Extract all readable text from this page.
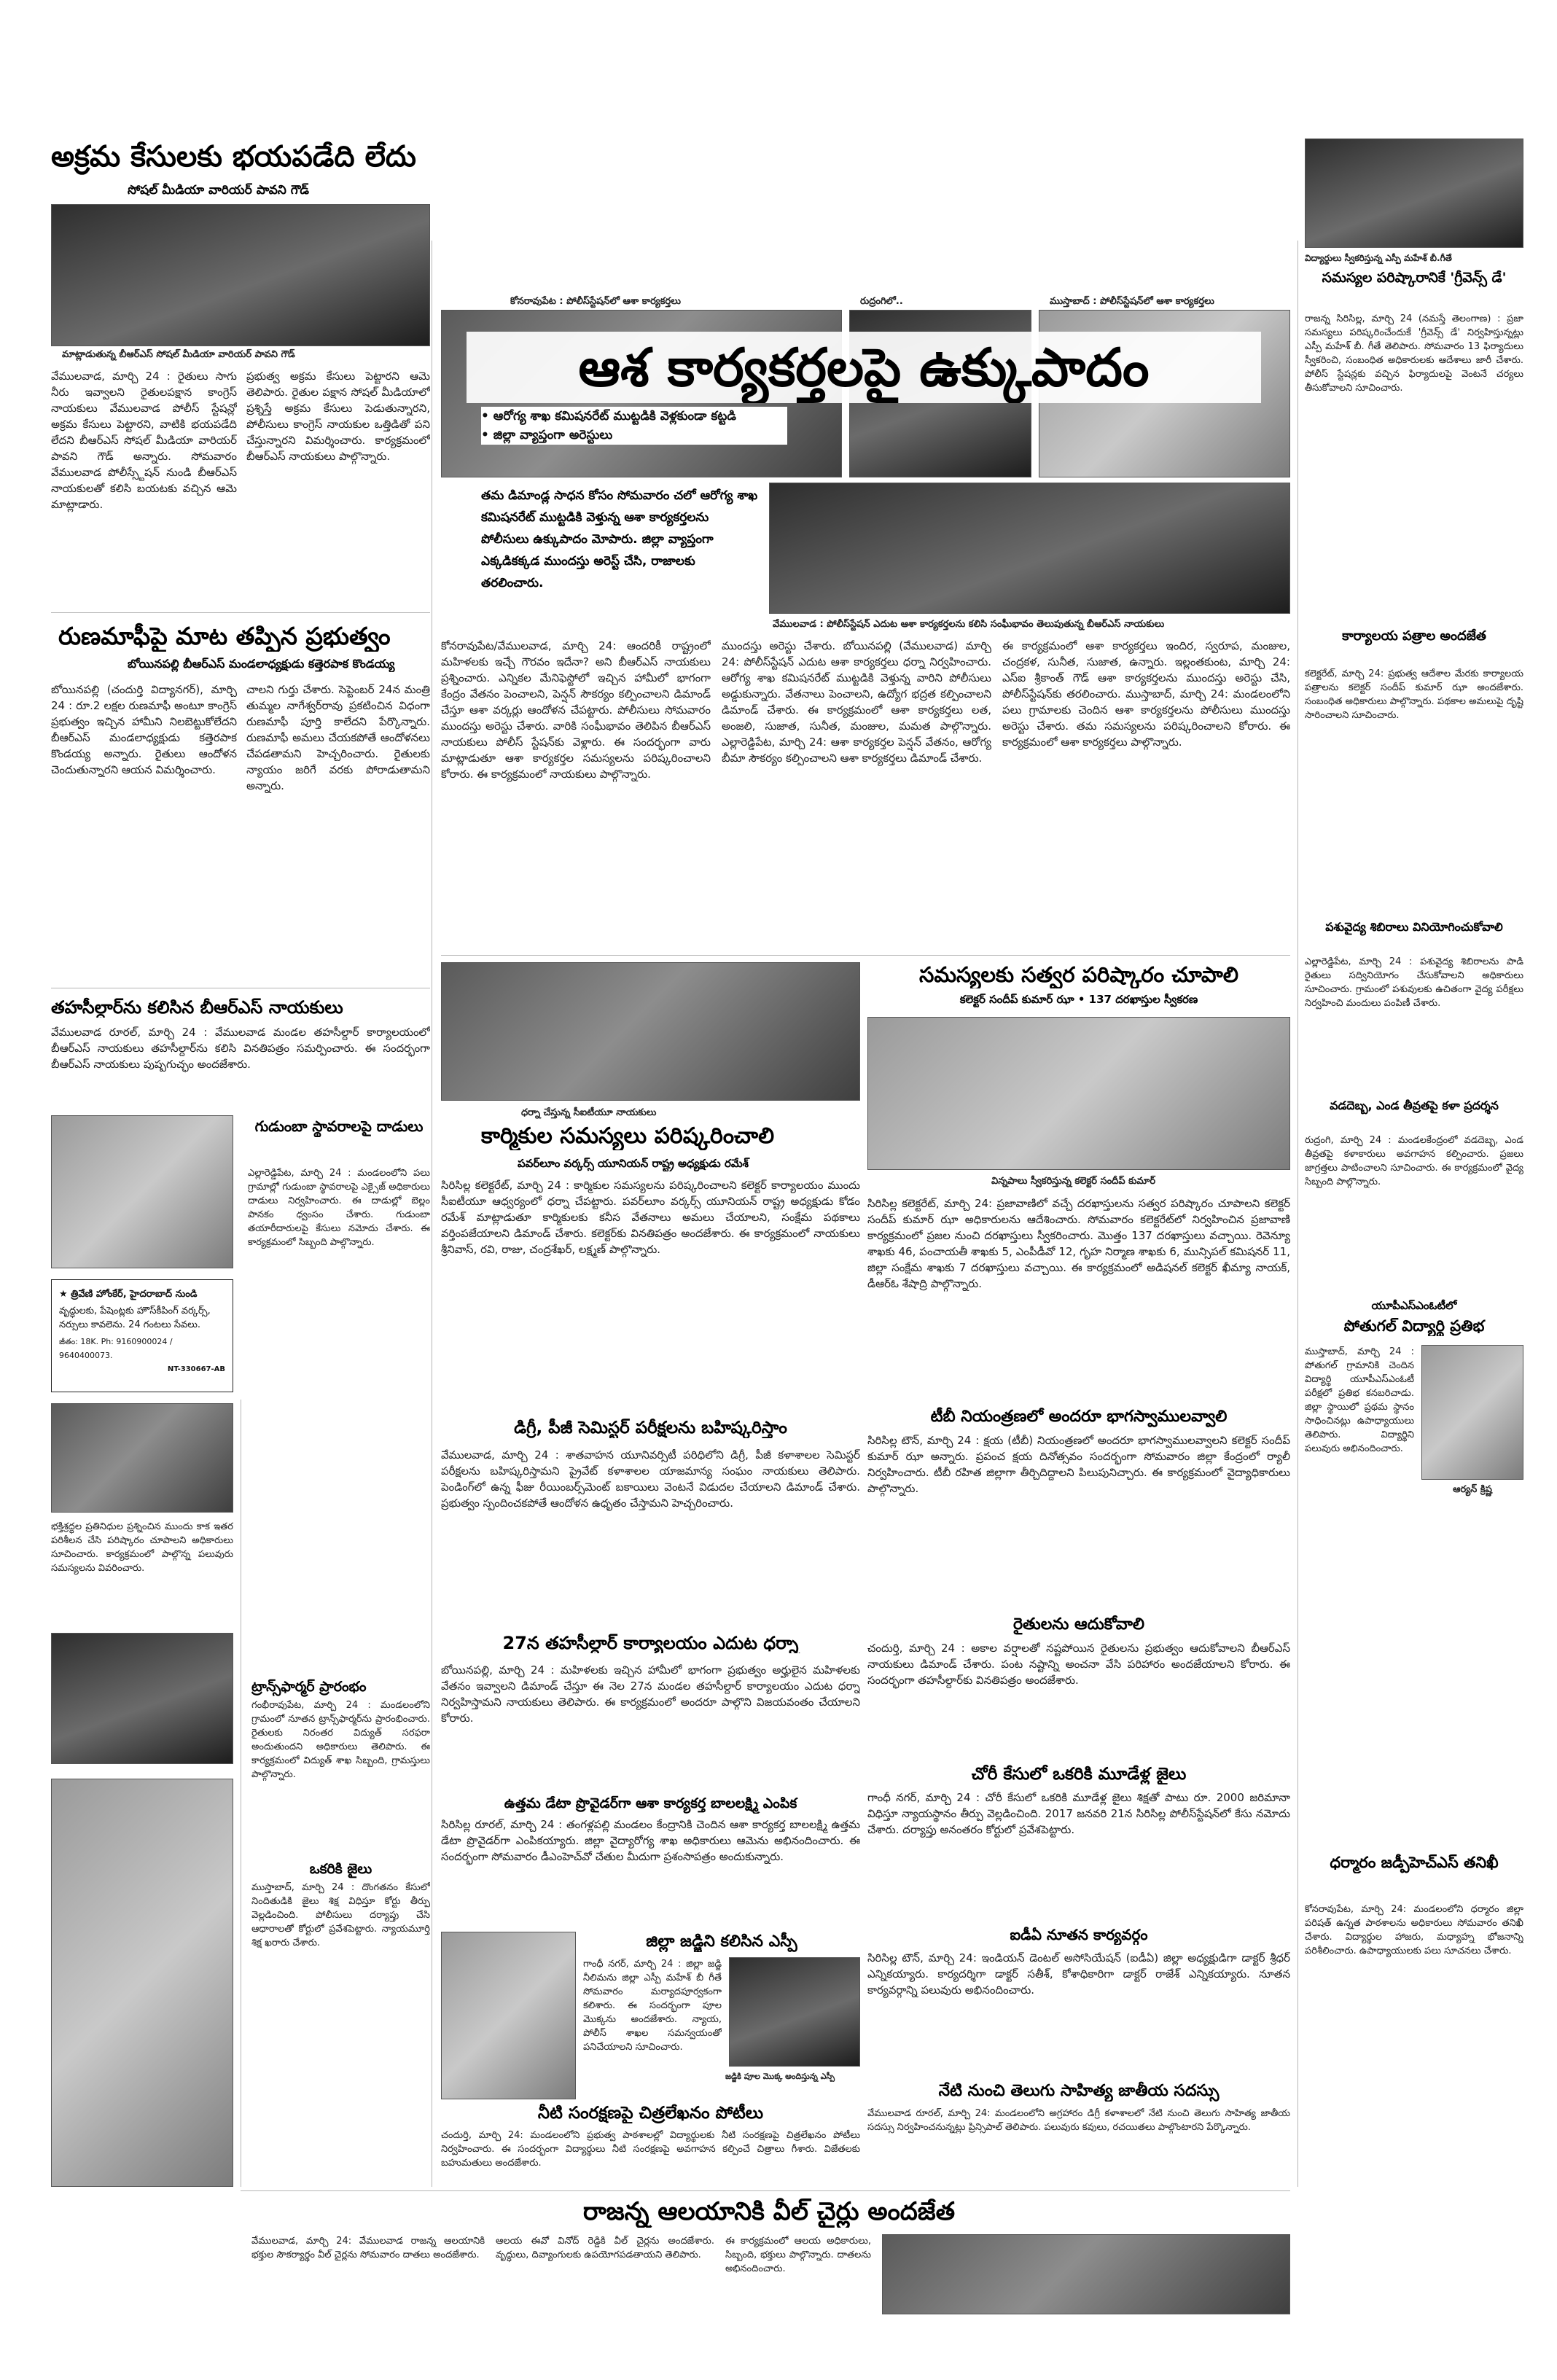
అక్రమ కేసులకు భయపడేది లేదు
సోషల్ మీడియా వారియర్ పావని గౌడ్
మాట్లాడుతున్న బీఆర్ఎస్ సోషల్ మీడియా వారియర్ పావని గౌడ్
వేములవాడ, మార్చి 24 : రైతులు సాగు నీరు ఇవ్వాలని రైతులపక్షాన కాంగ్రెస్ నాయకులు వేములవాడ పోలీస్ స్టేషన్లో అక్రమ కేసులు పెట్టారని, వాటికి భయపడేది లేదని బీఆర్ఎస్ సోషల్ మీడియా వారియర్ పావని గౌడ్ అన్నారు. సోమవారం వేములవాడ పోలీస్స్టేషన్ నుండి బీఆర్ఎస్ నాయకులతో కలిసి బయటకు వచ్చిన ఆమె మాట్లాడారు.
ప్రభుత్వ అక్రమ కేసులు పెట్టారని ఆమె తెలిపారు. రైతుల పక్షాన సోషల్ మీడియాలో ప్రశ్నిస్తే అక్రమ కేసులు పెడుతున్నారని, పోలీసులు కాంగ్రెస్ నాయకుల ఒత్తిడితో పని చేస్తున్నారని విమర్శించారు. కార్యక్రమంలో బీఆర్ఎస్ నాయకులు పాల్గొన్నారు.
రుణమాఫీపై మాట తప్పిన ప్రభుత్వం
బోయినపల్లి బీఆర్ఎస్ మండలాధ్యక్షుడు కత్తెరపాక కొండయ్య
బోయినపల్లి (చందుర్తి విద్యానగర్), మార్చి 24 : రూ.2 లక్షల రుణమాఫీ అంటూ కాంగ్రెస్ ప్రభుత్వం ఇచ్చిన హామీని నిలబెట్టుకోలేదని బీఆర్ఎస్ మండలాధ్యక్షుడు కత్తెరపాక కొండయ్య అన్నారు. రైతులు ఆందోళన చెందుతున్నారని ఆయన విమర్శించారు.
చాలని గుర్తు చేశారు. సెప్టెంబర్ 24న మంత్రి తుమ్మల నాగేశ్వర్‌రావు ప్రకటించిన విధంగా రుణమాఫీ పూర్తి కాలేదని పేర్కొన్నారు. రుణమాఫీ అమలు చేయకపోతే ఆందోళనలు చేపడతామని హెచ్చరించారు. రైతులకు న్యాయం జరిగే వరకు పోరాడుతామని అన్నారు.
తహసీల్దార్‌ను కలిసిన బీఆర్ఎస్ నాయకులు
వేములవాడ రూరల్, మార్చి 24 : వేములవాడ మండల తహసీల్దార్ కార్యాలయంలో బీఆర్ఎస్ నాయకులు తహసీల్దార్‌ను కలిసి వినతిపత్రం సమర్పించారు. ఈ సందర్భంగా బీఆర్ఎస్ నాయకులు పుష్పగుచ్ఛం అందజేశారు.
★ త్రివేణి హోంకేర్, హైదరాబాద్ నుండి
వృద్ధులకు, పేషెంట్లకు హౌస్‌కీపింగ్ వర్కర్స్, నర్సులు కావలెను. 24 గంటలు సేవలు.
జీతం: 18K. Ph: 9160900024 / 9640400073.
NT-330667-AB
భక్తిశ్రద్ధల ప్రతినిధుల ప్రశ్నించిన ముందు కాక ఇతర పరిశీలన చేసి పరిష్కారం చూపాలని అధికారులు సూచించారు. కార్యక్రమంలో పాల్గొన్న పలువురు సమస్యలను వివరించారు.
గుడుంబా స్థావరాలపై దాడులు
ఎల్లారెడ్డిపేట, మార్చి 24 : మండలంలోని పలు గ్రామాల్లో గుడుంబా స్థావరాలపై ఎక్సైజ్ అధికారులు దాడులు నిర్వహించారు. ఈ దాడుల్లో బెల్లం పానకం ధ్వంసం చేశారు. గుడుంబా తయారీదారులపై కేసులు నమోదు చేశారు. ఈ కార్యక్రమంలో సిబ్బంది పాల్గొన్నారు.
ట్రాన్స్‌ఫార్మర్ ప్రారంభం
గంభీరావుపేట, మార్చి 24 : మండలంలోని గ్రామంలో నూతన ట్రాన్స్‌ఫార్మర్‌ను ప్రారంభించారు. రైతులకు నిరంతర విద్యుత్ సరఫరా అందుతుందని అధికారులు తెలిపారు. ఈ కార్యక్రమంలో విద్యుత్ శాఖ సిబ్బంది, గ్రామస్తులు పాల్గొన్నారు.
ఒకరికి జైలు
ముస్తాబాద్, మార్చి 24 : దొంగతనం కేసులో నిందితుడికి జైలు శిక్ష విధిస్తూ కోర్టు తీర్పు వెల్లడించింది. పోలీసులు దర్యాప్తు చేసి ఆధారాలతో కోర్టులో ప్రవేశపెట్టారు. న్యాయమూర్తి శిక్ష ఖరారు చేశారు.
కోనరావుపేట : పోలీస్‌స్టేషన్‌లో ఆశా కార్యకర్తలు	రుద్రంగిలో..	ముస్తాబాద్ : పోలీస్‌స్టేషన్‌లో ఆశా కార్యకర్తలు
ఆశ కార్యకర్తలపై ఉక్కుపాదం
• ఆరోగ్య శాఖ కమిషనరేట్ ముట్టడికి వెళ్లకుండా కట్టడి
• జిల్లా వ్యాప్తంగా అరెస్టులు
తమ డిమాండ్ల సాధన కోసం సోమవారం చలో ఆరోగ్య శాఖ కమిషనరేట్ ముట్టడికి వెళ్తున్న ఆశా కార్యకర్తలను పోలీసులు ఉక్కుపాదం మోపారు. జిల్లా వ్యాప్తంగా ఎక్కడికక్కడ ముందస్తు అరెస్ట్ చేసి, రాజాలకు తరలించారు.
వేములవాడ : పోలీస్‌స్టేషన్ ఎదుట ఆశా కార్యకర్తలను కలిసి సంఘీభావం తెలుపుతున్న బీఆర్ఎస్ నాయకులు
కోనరావుపేట/వేములవాడ, మార్చి 24: ఆందరికీ రాష్ట్రంలో మహిళలకు ఇచ్చే గౌరవం ఇదేనా? అని బీఆర్ఎస్ నాయకులు ప్రశ్నించారు. ఎన్నికల మేనిఫెస్టోలో ఇచ్చిన హామీలో భాగంగా కేంద్రం వేతనం పెంచాలని, పెన్షన్ సౌకర్యం కల్పించాలని డిమాండ్ చేస్తూ ఆశా వర్కర్లు ఆందోళన చేపట్టారు. పోలీసులు సోమవారం ముందస్తు అరెస్టు చేశారు. వారికి సంఘీభావం తెలిపిన బీఆర్ఎస్ నాయకులు పోలీస్ స్టేషన్‌కు వెళ్లారు. ఈ సందర్భంగా వారు మాట్లాడుతూ ఆశా కార్యకర్తల సమస్యలను పరిష్కరించాలని కోరారు. ఈ కార్యక్రమంలో నాయకులు పాల్గొన్నారు.
ముందస్తు అరెస్టు చేశారు. బోయినపల్లి (వేములవాడ) మార్చి 24: పోలీస్‌స్టేషన్ ఎదుట ఆశా కార్యకర్తలు ధర్నా నిర్వహించారు. ఆరోగ్య శాఖ కమిషనరేట్ ముట్టడికి వెళ్తున్న వారిని పోలీసులు అడ్డుకున్నారు. వేతనాలు పెంచాలని, ఉద్యోగ భద్రత కల్పించాలని డిమాండ్ చేశారు. ఈ కార్యక్రమంలో ఆశా కార్యకర్తలు లత, అంజలి, సుజాత, సునీత, మంజుల, మమత పాల్గొన్నారు. ఎల్లారెడ్డిపేట, మార్చి 24: ఆశా కార్యకర్తల పెన్షన్ వేతనం, ఆరోగ్య బీమా సౌకర్యం కల్పించాలని ఆశా కార్యకర్తలు డిమాండ్ చేశారు.
ఈ కార్యక్రమంలో ఆశా కార్యకర్తలు ఇందిర, స్వరూప, మంజుల, చంద్రకళ, సునీత, సుజాత, ఉన్నారు. ఇల్లంతకుంట, మార్చి 24: ఎస్ఐ శ్రీకాంత్ గౌడ్ ఆశా కార్యకర్తలను ముందస్తు అరెస్టు చేసి, పోలీస్‌స్టేషన్‌కు తరలించారు. ముస్తాబాద్, మార్చి 24: మండలంలోని పలు గ్రామాలకు చెందిన ఆశా కార్యకర్తలను పోలీసులు ముందస్తు అరెస్టు చేశారు. తమ సమస్యలను పరిష్కరించాలని కోరారు. ఈ కార్యక్రమంలో ఆశా కార్యకర్తలు పాల్గొన్నారు.
సమస్యలకు సత్వర పరిష్కారం చూపాలి
కలెక్టర్ సందీప్ కుమార్ ఝా • 137 దరఖాస్తుల స్వీకరణ
విన్నపాలు స్వీకరిస్తున్న కలెక్టర్ సందీప్ కుమార్
సిరిసిల్ల కలెక్టరేట్, మార్చి 24: ప్రజావాణిలో వచ్చే దరఖాస్తులను సత్వర పరిష్కారం చూపాలని కలెక్టర్ సందీప్ కుమార్ ఝా అధికారులను ఆదేశించారు. సోమవారం కలెక్టరేట్‌లో నిర్వహించిన ప్రజావాణి కార్యక్రమంలో ప్రజల నుంచి దరఖాస్తులు స్వీకరించారు. మొత్తం 137 దరఖాస్తులు వచ్చాయి. రెవెన్యూ శాఖకు 46, పంచాయతీ శాఖకు 5, ఎంపీడీవో 12, గృహ నిర్మాణ శాఖకు 6, మున్సిపల్ కమిషనర్ 11, జిల్లా సంక్షేమ శాఖకు 7 దరఖాస్తులు వచ్చాయి. ఈ కార్యక్రమంలో అడిషనల్ కలెక్టర్ ఖీమ్యా నాయక్, డీఆర్ఓ శేషాద్రి పాల్గొన్నారు.
ధర్నా చేస్తున్న సీఐటీయూ నాయకులు
కార్మికుల సమస్యలు పరిష్కరించాలి
పవర్‌లూం వర్కర్స్ యూనియన్ రాష్ట్ర అధ్యక్షుడు రమేశ్
సిరిసిల్ల కలెక్టరేట్, మార్చి 24 : కార్మికుల సమస్యలను పరిష్కరించాలని కలెక్టర్ కార్యాలయం ముందు సీఐటీయూ ఆధ్వర్యంలో ధర్నా చేపట్టారు. పవర్‌లూం వర్కర్స్ యూనియన్ రాష్ట్ర అధ్యక్షుడు కోడం రమేశ్ మాట్లాడుతూ కార్మికులకు కనీస వేతనాలు అమలు చేయాలని, సంక్షేమ పథకాలు వర్తింపజేయాలని డిమాండ్ చేశారు. కలెక్టర్‌కు వినతిపత్రం అందజేశారు. ఈ కార్యక్రమంలో నాయకులు శ్రీనివాస్, రవి, రాజు, చంద్రశేఖర్, లక్ష్మణ్ పాల్గొన్నారు.
డిగ్రీ, పీజీ సెమిస్టర్ పరీక్షలను బహిష్కరిస్తాం
వేములవాడ, మార్చి 24 : శాతవాహన యూనివర్సిటీ పరిధిలోని డిగ్రీ, పీజీ కళాశాలల సెమిస్టర్ పరీక్షలను బహిష్కరిస్తామని ప్రైవేట్ కళాశాలల యాజమాన్య సంఘం నాయకులు తెలిపారు. పెండింగ్‌లో ఉన్న ఫీజు రీయింబర్స్‌మెంట్ బకాయిలు వెంటనే విడుదల చేయాలని డిమాండ్ చేశారు. ప్రభుత్వం స్పందించకపోతే ఆందోళన ఉధృతం చేస్తామని హెచ్చరించారు.
27న తహసీల్దార్ కార్యాలయం ఎదుట ధర్నా
బోయినపల్లి, మార్చి 24 : మహిళలకు ఇచ్చిన హామీలో భాగంగా ప్రభుత్వం అర్హులైన మహిళలకు వేతనం ఇవ్వాలని డిమాండ్ చేస్తూ ఈ నెల 27న మండల తహసీల్దార్ కార్యాలయం ఎదుట ధర్నా నిర్వహిస్తామని నాయకులు తెలిపారు. ఈ కార్యక్రమంలో అందరూ పాల్గొని విజయవంతం చేయాలని కోరారు.
ఉత్తమ డేటా ప్రొవైడర్‌గా ఆశా కార్యకర్త బాలలక్ష్మి ఎంపిక
సిరిసిల్ల రూరల్, మార్చి 24 : తంగళ్లపల్లి మండలం కేంద్రానికి చెందిన ఆశా కార్యకర్త బాలలక్ష్మి ఉత్తమ డేటా ప్రొవైడర్‌గా ఎంపికయ్యారు. జిల్లా వైద్యారోగ్య శాఖ అధికారులు ఆమెను అభినందించారు. ఈ సందర్భంగా సోమవారం డీఎంహెచ్‌వో చేతుల మీదుగా ప్రశంసాపత్రం అందుకున్నారు.
జిల్లా జడ్జిని కలిసిన ఎస్పీ
గాంధీ నగర్, మార్చి 24 : జిల్లా జడ్జి నీలిమను జిల్లా ఎస్పీ మహేశ్ బీ గీతే సోమవారం మర్యాదపూర్వకంగా కలిశారు. ఈ సందర్భంగా పూల మొక్కను అందజేశారు. న్యాయ, పోలీస్ శాఖల సమన్వయంతో పనిచేయాలని సూచించారు.
జడ్జికి పూల మొక్క అందిస్తున్న ఎస్పీ
నీటి సంరక్షణపై చిత్రలేఖనం పోటీలు
చందుర్తి, మార్చి 24: మండలంలోని ప్రభుత్వ పాఠశాలల్లో విద్యార్థులకు నీటి సంరక్షణపై చిత్రలేఖనం పోటీలు నిర్వహించారు. ఈ సందర్భంగా విద్యార్థులు నీటి సంరక్షణపై అవగాహన కల్పించే చిత్రాలు గీశారు. విజేతలకు బహుమతులు అందజేశారు.
టీబీ నియంత్రణలో అందరూ భాగస్వాములవ్వాలి
సిరిసిల్ల టౌన్, మార్చి 24 : క్షయ (టీబీ) నియంత్రణలో అందరూ భాగస్వాములవ్వాలని కలెక్టర్ సందీప్ కుమార్ ఝా అన్నారు. ప్రపంచ క్షయ దినోత్సవం సందర్భంగా సోమవారం జిల్లా కేంద్రంలో ర్యాలీ నిర్వహించారు. టీబీ రహిత జిల్లాగా తీర్చిదిద్దాలని పిలుపునిచ్చారు. ఈ కార్యక్రమంలో వైద్యాధికారులు పాల్గొన్నారు.
రైతులను ఆదుకోవాలి
చందుర్తి, మార్చి 24 : అకాల వర్షాలతో నష్టపోయిన రైతులను ప్రభుత్వం ఆదుకోవాలని బీఆర్ఎస్ నాయకులు డిమాండ్ చేశారు. పంట నష్టాన్ని అంచనా వేసి పరిహారం అందజేయాలని కోరారు. ఈ సందర్భంగా తహసీల్దార్‌కు వినతిపత్రం అందజేశారు.
చోరీ కేసులో ఒకరికి మూడేళ్ల జైలు
గాంధీ నగర్, మార్చి 24 : చోరీ కేసులో ఒకరికి మూడేళ్ల జైలు శిక్షతో పాటు రూ. 2000 జరిమానా విధిస్తూ న్యాయస్థానం తీర్పు వెల్లడించింది. 2017 జనవరి 21న సిరిసిల్ల పోలీస్‌స్టేషన్‌లో కేసు నమోదు చేశారు. దర్యాప్తు అనంతరం కోర్టులో ప్రవేశపెట్టారు.
ఐడీఏ నూతన కార్యవర్గం
సిరిసిల్ల టౌన్, మార్చి 24: ఇండియన్ డెంటల్ అసోసియేషన్ (ఐడీఏ) జిల్లా అధ్యక్షుడిగా డాక్టర్ శ్రీధర్ ఎన్నికయ్యారు. కార్యదర్శిగా డాక్టర్ సతీశ్, కోశాధికారిగా డాక్టర్ రాజేశ్ ఎన్నికయ్యారు. నూతన కార్యవర్గాన్ని పలువురు అభినందించారు.
నేటి నుంచి తెలుగు సాహిత్య జాతీయ సదస్సు
వేములవాడ రూరల్, మార్చి 24: మండలంలోని అగ్రహారం డిగ్రీ కళాశాలలో నేటి నుంచి తెలుగు సాహిత్య జాతీయ సదస్సు నిర్వహించనున్నట్లు ప్రిన్సిపాల్ తెలిపారు. పలువురు కవులు, రచయితలు పాల్గొంటారని పేర్కొన్నారు.
రాజన్న ఆలయానికి వీల్ చైర్లు అందజేత
వేములవాడ, మార్చి 24: వేములవాడ రాజన్న ఆలయానికి భక్తుల సౌకర్యార్థం వీల్ చైర్లను సోమవారం దాతలు అందజేశారు.
ఆలయ ఈవో వినోద్ రెడ్డికి వీల్ చైర్లను అందజేశారు. వృద్ధులు, దివ్యాంగులకు ఉపయోగపడతాయని తెలిపారు.
ఈ కార్యక్రమంలో ఆలయ అధికారులు, సిబ్బంది, భక్తులు పాల్గొన్నారు. దాతలను అభినందించారు.
విద్యార్థులు స్వీకరిస్తున్న ఎస్పీ మహేశ్ బీ.గీతే
సమస్యల పరిష్కారానికే 'గ్రీవెన్స్ డే'
రాజన్న సిరిసిల్ల, మార్చి 24 (నమస్తే తెలంగాణ) : ప్రజా సమస్యలు పరిష్కరించేందుకే 'గ్రీవెన్స్ డే' నిర్వహిస్తున్నట్లు ఎస్పీ మహేశ్ బీ. గీతే తెలిపారు. సోమవారం 13 ఫిర్యాదులు స్వీకరించి, సంబంధిత అధికారులకు ఆదేశాలు జారీ చేశారు. పోలీస్ స్టేషన్లకు వచ్చిన ఫిర్యాదులపై వెంటనే చర్యలు తీసుకోవాలని సూచించారు.
కార్యాలయ పత్రాల అందజేత
కలెక్టరేట్, మార్చి 24: ప్రభుత్వ ఆదేశాల మేరకు కార్యాలయ పత్రాలను కలెక్టర్ సందీప్ కుమార్ ఝా అందజేశారు. సంబంధిత అధికారులు పాల్గొన్నారు. పథకాల అమలుపై దృష్టి సారించాలని సూచించారు.
పశువైద్య శిబిరాలు వినియోగించుకోవాలి
ఎల్లారెడ్డిపేట, మార్చి 24 : పశువైద్య శిబిరాలను పాడి రైతులు సద్వినియోగం చేసుకోవాలని అధికారులు సూచించారు. గ్రామంలో పశువులకు ఉచితంగా వైద్య పరీక్షలు నిర్వహించి మందులు పంపిణీ చేశారు.
వడదెబ్బ, ఎండ తీవ్రతపై కళా ప్రదర్శన
రుద్రంగి, మార్చి 24 : మండలకేంద్రంలో వడదెబ్బ, ఎండ తీవ్రతపై కళాకారులు అవగాహన కల్పించారు. ప్రజలు జాగ్రత్తలు పాటించాలని సూచించారు. ఈ కార్యక్రమంలో వైద్య సిబ్బంది పాల్గొన్నారు.
యూపీఎస్ఎంఓటీలో
పోతుగల్ విద్యార్థి ప్రతిభ
ముస్తాబాద్, మార్చి 24 : పోతుగల్ గ్రామానికి చెందిన విద్యార్థి యూపీఎస్ఎంఓటీ పరీక్షలో ప్రతిభ కనబరిచాడు. జిల్లా స్థాయిలో ప్రథమ స్థానం సాధించినట్లు ఉపాధ్యాయులు తెలిపారు. విద్యార్థిని పలువురు అభినందించారు.
ఆర్యన్ క్రిష్ణ
ధర్మారం జడ్పీహెచ్ఎస్ తనిఖీ
కోనరావుపేట, మార్చి 24: మండలంలోని ధర్మారం జిల్లా పరిషత్ ఉన్నత పాఠశాలను అధికారులు సోమవారం తనిఖీ చేశారు. విద్యార్థుల హాజరు, మధ్యాహ్న భోజనాన్ని పరిశీలించారు. ఉపాధ్యాయులకు పలు సూచనలు చేశారు.
